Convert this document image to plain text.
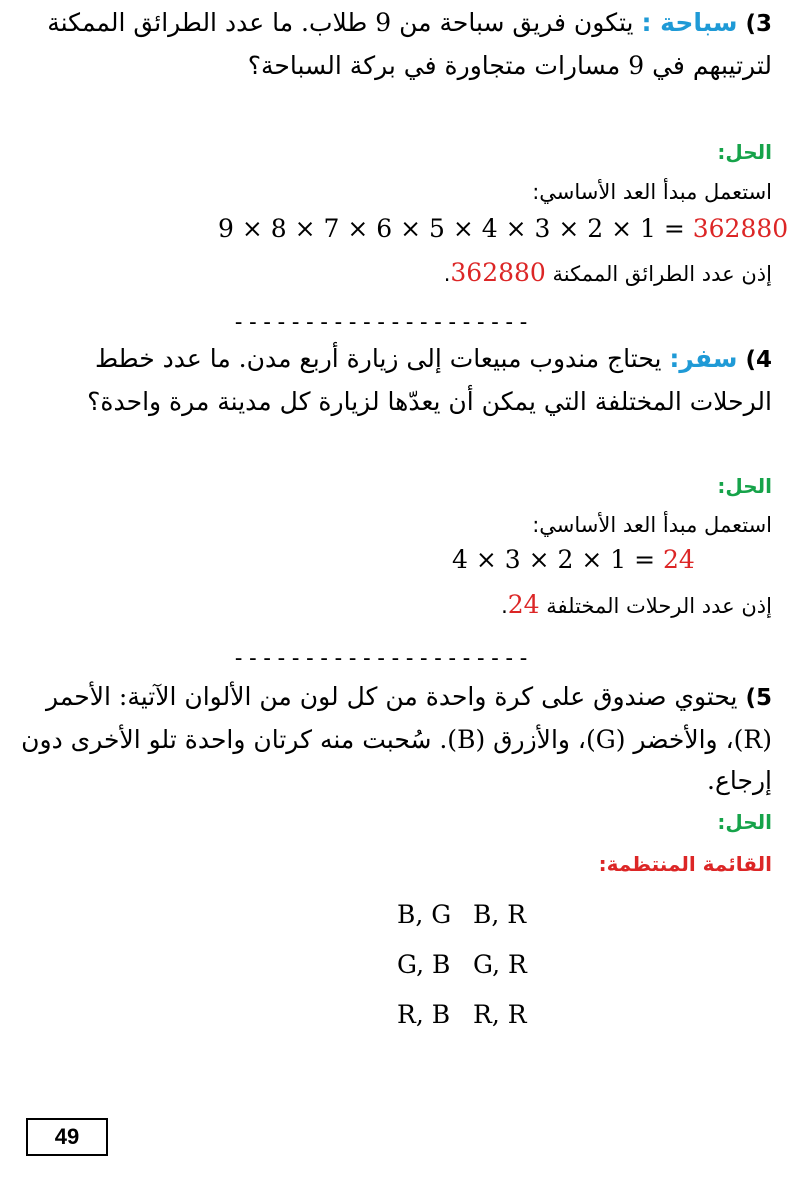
3) سباحة : يتكون فريق سباحة من 9 طلاب. ما عدد الطرائق الممكنة لترتيبهم في 9 مسارات متجاورة في بركة السباحة؟
الحل:
استعمل مبدأ العد الأساسي:
9 × 8 × 7 × 6 × 5 × 4 × 3 × 2 × 1 = 362880
إذن عدد الطرائق الممكنة 362880.
---------------------
4) سفر: يحتاج مندوب مبيعات إلى زيارة أربع مدن. ما عدد خطط الرحلات المختلفة التي يمكن أن يعدّها لزيارة كل مدينة مرة واحدة؟
الحل:
استعمل مبدأ العد الأساسي:
4 × 3 × 2 × 1 = 24
إذن عدد الرحلات المختلفة 24.
---------------------
5) يحتوي صندوق على كرة واحدة من كل لون من الألوان الآتية: الأحمر (R)، والأخضر (G)، والأزرق (B). سُحبت منه كرتان واحدة تلو الأخرى دون إرجاع.
الحل:
القائمة المنتظمة:
B, G B, R
G, B G, R
R, B R, R
49
